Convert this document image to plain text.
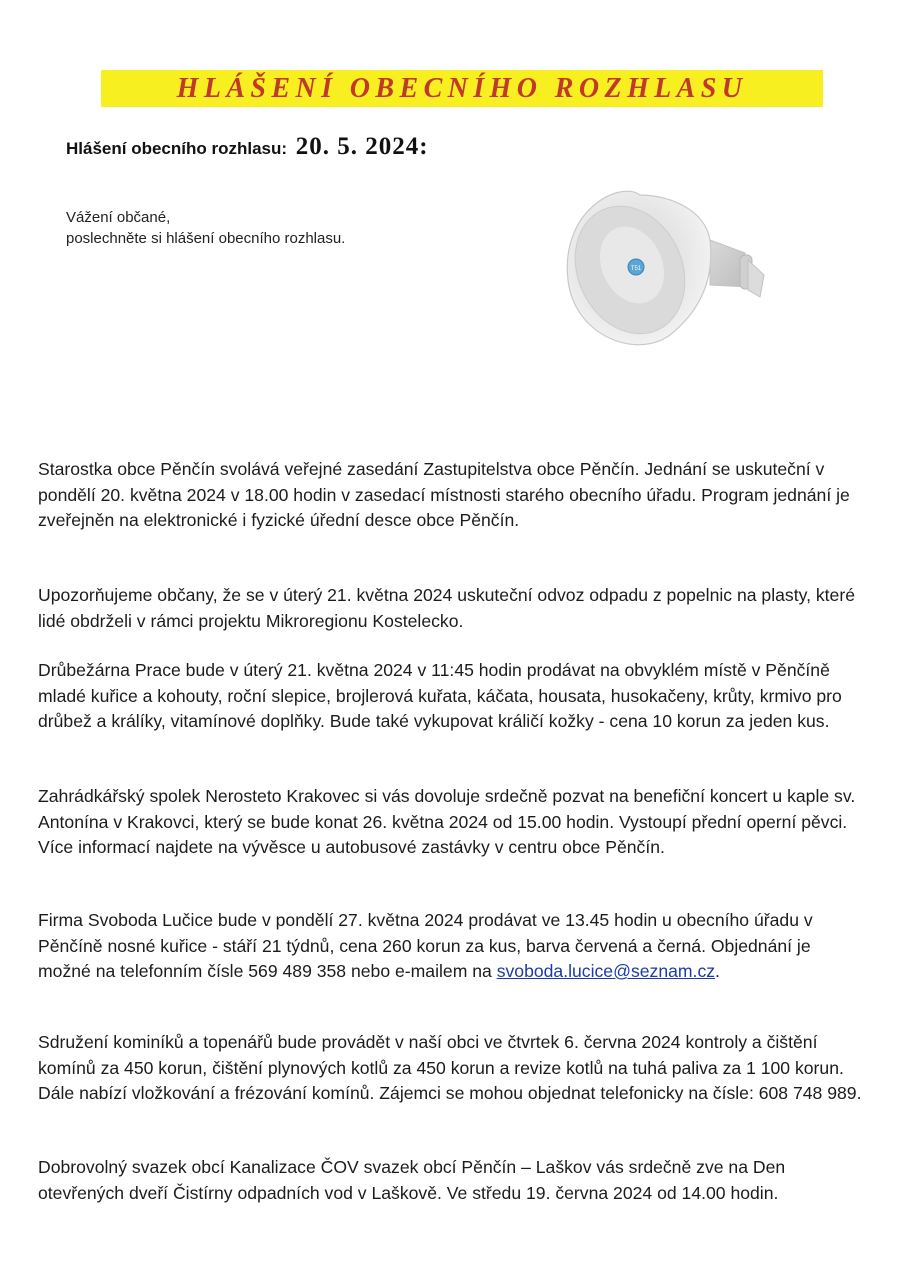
HLÁŠENÍ OBECNÍHO ROZHLASU
Hlášení obecního rozhlasu: 20. 5. 2024:
Vážení občané,
poslechněte si hlášení obecního rozhlasu.
T51
Starostka obce Pěnčín svolává veřejné zasedání Zastupitelstva obce Pěnčín. Jednání se uskuteční v pondělí 20. května 2024 v 18.00 hodin v zasedací místnosti starého obecního úřadu. Program jednání je zveřejněn na elektronické i fyzické úřední desce obce Pěnčín.
Upozorňujeme občany, že se v úterý 21. května 2024 uskuteční odvoz odpadu z popelnic na plasty, které lidé obdrželi v rámci projektu Mikroregionu Kostelecko.
Drůbežárna Prace bude v úterý 21. května 2024 v 11:45 hodin prodávat na obvyklém místě v Pěnčíně mladé kuřice a kohouty, roční slepice, brojlerová kuřata, káčata, housata, husokačeny, krůty, krmivo pro drůbež a králíky, vitamínové doplňky. Bude také vykupovat králičí kožky - cena 10 korun za jeden kus.
Zahrádkářský spolek Nerosteto Krakovec si vás dovoluje srdečně pozvat na benefiční koncert u kaple sv. Antonína v Krakovci, který se bude konat 26. května 2024 od 15.00 hodin. Vystoupí přední operní pěvci. Více informací najdete na vývěsce u autobusové zastávky v centru obce Pěnčín.
Firma Svoboda Lučice bude v pondělí 27. května 2024 prodávat ve 13.45 hodin u obecního úřadu v Pěnčíně nosné kuřice - stáří 21 týdnů, cena 260 korun za kus, barva červená a černá. Objednání je možné na telefonním čísle 569 489 358 nebo e-mailem na svoboda.lucice@seznam.cz.
Sdružení kominíků a topenářů bude provádět v naší obci ve čtvrtek 6. června 2024 kontroly a čištění komínů za 450 korun, čištění plynových kotlů za 450 korun a revize kotlů na tuhá paliva za 1 100 korun. Dále nabízí vložkování a frézování komínů. Zájemci se mohou objednat telefonicky na čísle: 608 748 989.
Dobrovolný svazek obcí Kanalizace ČOV svazek obcí Pěnčín – Laškov vás srdečně zve na Den otevřených dveří Čistírny odpadních vod v Laškově. Ve středu 19. června 2024 od 14.00 hodin.
